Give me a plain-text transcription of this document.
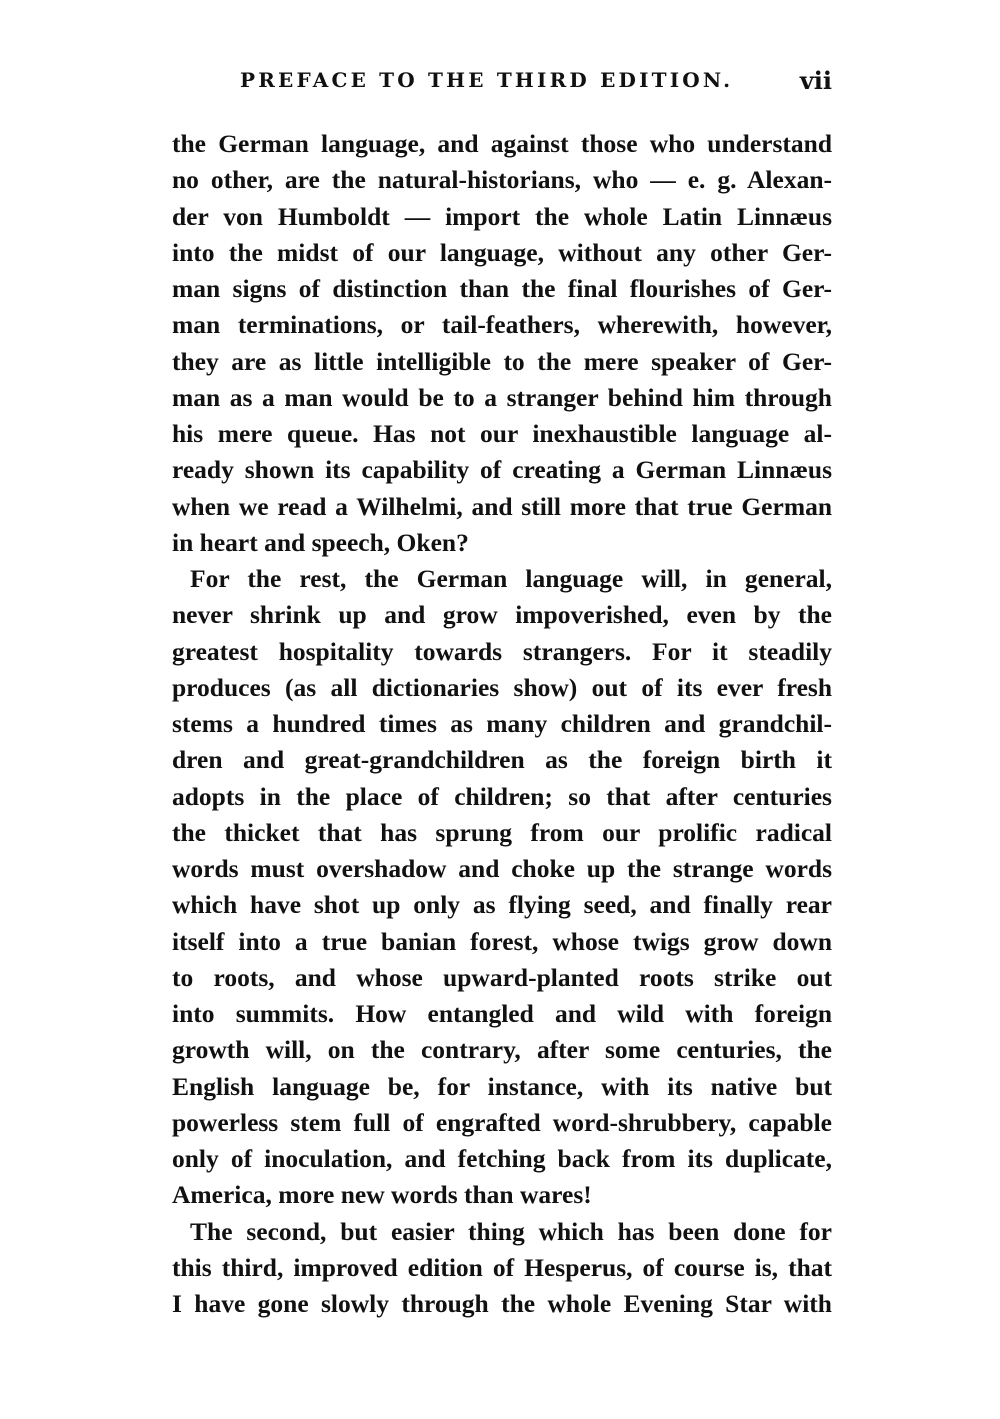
PREFACE TO THE THIRD EDITION.	vii
the German language, and against those who understand
no other, are the natural-historians, who — e. g. Alexan-
der von Humboldt — import the whole Latin Linnæus
into the midst of our language, without any other Ger-
man signs of distinction than the final flourishes of Ger-
man terminations, or tail-feathers, wherewith, however,
they are as little intelligible to the mere speaker of Ger-
man as a man would be to a stranger behind him through
his mere queue. Has not our inexhaustible language al-
ready shown its capability of creating a German Linnæus
when we read a Wilhelmi, and still more that true German
in heart and speech, Oken?
For the rest, the German language will, in general,
never shrink up and grow impoverished, even by the
greatest hospitality towards strangers. For it steadily
produces (as all dictionaries show) out of its ever fresh
stems a hundred times as many children and grandchil-
dren and great-grandchildren as the foreign birth it
adopts in the place of children; so that after centuries
the thicket that has sprung from our prolific radical
words must overshadow and choke up the strange words
which have shot up only as flying seed, and finally rear
itself into a true banian forest, whose twigs grow down
to roots, and whose upward-planted roots strike out
into summits. How entangled and wild with foreign
growth will, on the contrary, after some centuries, the
English language be, for instance, with its native but
powerless stem full of engrafted word-shrubbery, capable
only of inoculation, and fetching back from its duplicate,
America, more new words than wares!
The second, but easier thing which has been done for
this third, improved edition of Hesperus, of course is, that
I have gone slowly through the whole Evening Star with
